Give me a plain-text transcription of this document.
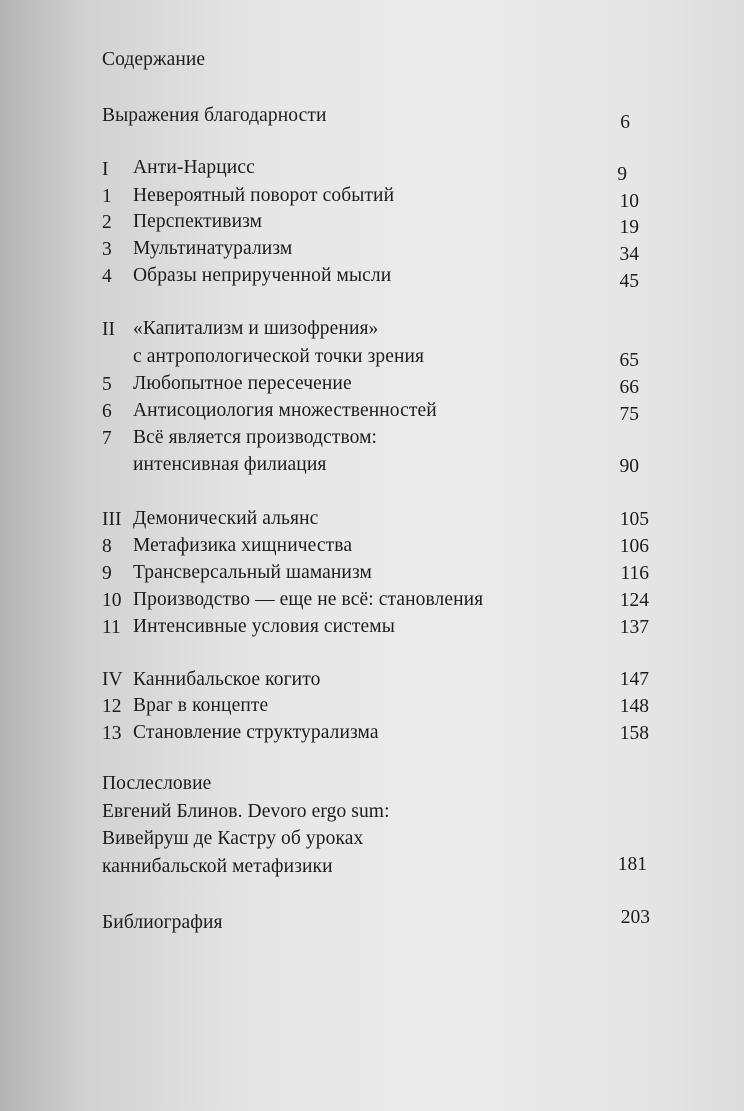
Содержание
Выражения благодарности	6
I Анти-Нарцисс	9
1 Невероятный поворот событий	10
2 Перспективизм	19
3 Мультинатурализм	34
4 Образы неприрученной мысли	45
II «Капитализм и шизофрения»
с антропологической точки зрения	65
5 Любопытное пересечение	66
6 Антисоциология множественностей	75
7 Всё является производством:
интенсивная филиация	90
III Демонический альянс	105
8 Метафизика хищничества	106
9 Трансверсальный шаманизм	116
10 Производство — еще не всё: становления	124
11 Интенсивные условия системы	137
IV Каннибальское когито	147
12 Враг в концепте	148
13 Становление структурализма	158
Послесловие
Евгений Блинов. Devoro ergo sum:
Вивейруш де Кастру об уроках
каннибальской метафизики	181
Библиография	203
